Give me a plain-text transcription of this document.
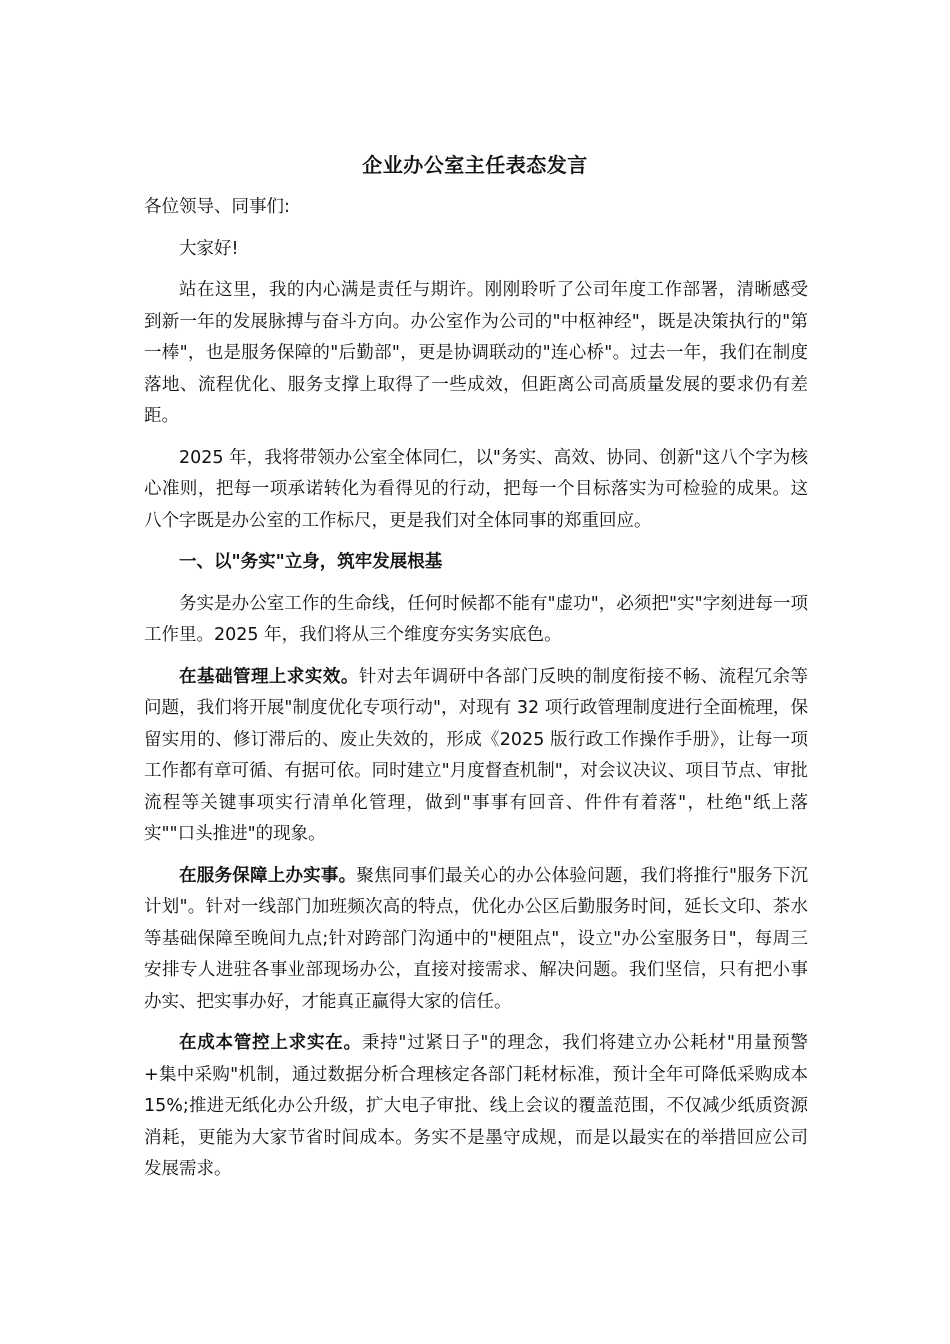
企业办公室主任表态发言

各位领导、同事们:

大家好!

站在这里，我的内心满是责任与期许。刚刚聆听了公司年度工作部署，清晰感受到新一年的发展脉搏与奋斗方向。办公室作为公司的"中枢神经"，既是决策执行的"第一棒"，也是服务保障的"后勤部"，更是协调联动的"连心桥"。过去一年，我们在制度落地、流程优化、服务支撑上取得了一些成效，但距离公司高质量发展的要求仍有差距。

2025 年，我将带领办公室全体同仁，以"务实、高效、协同、创新"这八个字为核心准则，把每一项承诺转化为看得见的行动，把每一个目标落实为可检验的成果。这八个字既是办公室的工作标尺，更是我们对全体同事的郑重回应。

一、以"务实"立身，筑牢发展根基

务实是办公室工作的生命线，任何时候都不能有"虚功"，必须把"实"字刻进每一项工作里。2025 年，我们将从三个维度夯实务实底色。

在基础管理上求实效。针对去年调研中各部门反映的制度衔接不畅、流程冗余等问题，我们将开展"制度优化专项行动"，对现有 32 项行政管理制度进行全面梳理，保留实用的、修订滞后的、废止失效的，形成《2025 版行政工作操作手册》，让每一项工作都有章可循、有据可依。同时建立"月度督查机制"，对会议决议、项目节点、审批流程等关键事项实行清单化管理，做到"事事有回音、件件有着落"，杜绝"纸上落实""口头推进"的现象。

在服务保障上办实事。聚焦同事们最关心的办公体验问题，我们将推行"服务下沉计划"。针对一线部门加班频次高的特点，优化办公区后勤服务时间，延长文印、茶水等基础保障至晚间九点;针对跨部门沟通中的"梗阻点"，设立"办公室服务日"，每周三安排专人进驻各事业部现场办公，直接对接需求、解决问题。我们坚信，只有把小事办实、把实事办好，才能真正赢得大家的信任。

在成本管控上求实在。秉持"过紧日子"的理念，我们将建立办公耗材"用量预警+集中采购"机制，通过数据分析合理核定各部门耗材标准，预计全年可降低采购成本 15%;推进无纸化办公升级，扩大电子审批、线上会议的覆盖范围，不仅减少纸质资源消耗，更能为大家节省时间成本。务实不是墨守成规，而是以最实在的举措回应公司发展需求。
